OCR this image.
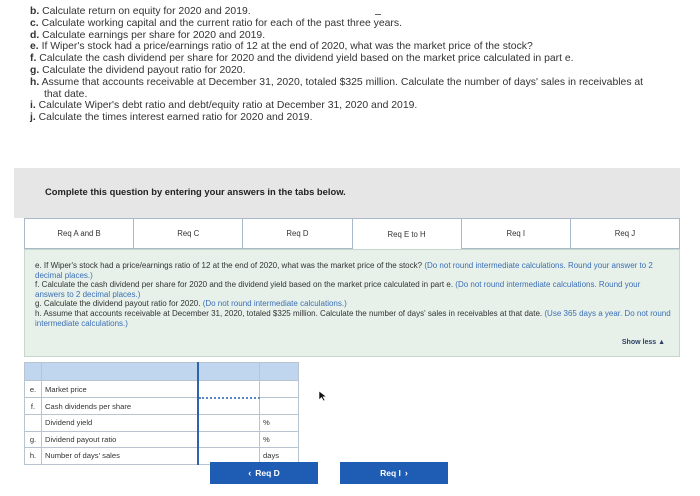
b. Calculate return on equity for 2020 and 2019.
c. Calculate working capital and the current ratio for each of the past three years.
d. Calculate earnings per share for 2020 and 2019.
e. If Wiper's stock had a price/earnings ratio of 12 at the end of 2020, what was the market price of the stock?
f. Calculate the cash dividend per share for 2020 and the dividend yield based on the market price calculated in part e.
g. Calculate the dividend payout ratio for 2020.
h. Assume that accounts receivable at December 31, 2020, totaled $325 million. Calculate the number of days' sales in receivables at
that date.
i. Calculate Wiper's debt ratio and debt/equity ratio at December 31, 2020 and 2019.
j. Calculate the times interest earned ratio for 2020 and 2019.
Complete this question by entering your answers in the tabs below.
Req A and B	Req C	Req D	Req E to H	Req I	Req J
e. If Wiper's stock had a price/earnings ratio of 12 at the end of 2020, what was the market price of the stock? (Do not round intermediate calculations. Round your answer to 2 decimal places.)
f. Calculate the cash dividend per share for 2020 and the dividend yield based on the market price calculated in part e. (Do not round intermediate calculations. Round your answers to 2 decimal places.)
g. Calculate the dividend payout ratio for 2020. (Do not round intermediate calculations.)
h. Assume that accounts receivable at December 31, 2020, totaled $325 million. Calculate the number of days' sales in receivables at that date. (Use 365 days a year. Do not round intermediate calculations.)
Show less ▲

e.	Market price		
f.	Cash dividends per share		
	Dividend yield		%
g.	Dividend payout ratio		%
h.	Number of days' sales		days
‹ Req D	Req I ›
